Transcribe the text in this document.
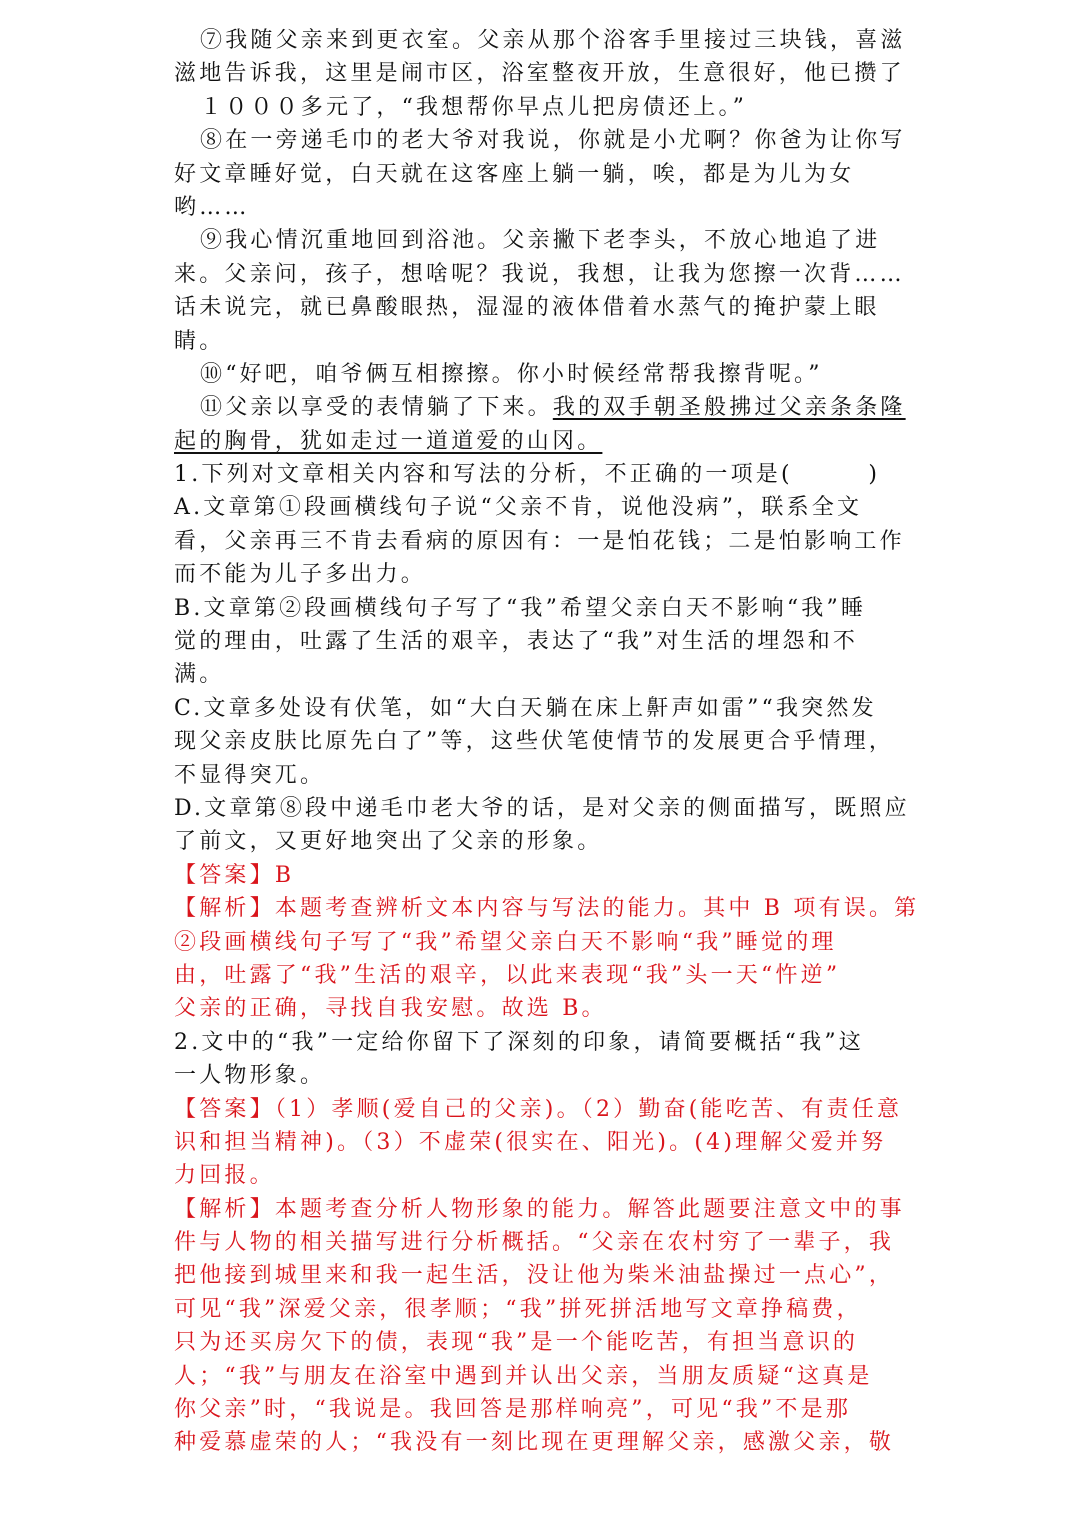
⑦我随父亲来到更衣室。父亲从那个浴客手里接过三块钱，喜滋
滋地告诉我，这里是闹市区，浴室整夜开放，生意很好，他已攒了
１０００多元了，“我想帮你早点儿把房债还上。”
⑧在一旁递毛巾的老大爷对我说，你就是小尤啊？你爸为让你写
好文章睡好觉，白天就在这客座上躺一躺，唉，都是为儿为女
哟……
⑨我心情沉重地回到浴池。父亲撇下老李头，不放心地追了进
来。父亲问，孩子，想啥呢？我说，我想，让我为您擦一次背……
话未说完，就已鼻酸眼热，湿湿的液体借着水蒸气的掩护蒙上眼
睛。
⑩“好吧，咱爷俩互相擦擦。你小时候经常帮我擦背呢。”
⑪父亲以享受的表情躺了下来。我的双手朝圣般拂过父亲条条隆
起的胸骨，犹如走过一道道爱的山冈。
1.下列对文章相关内容和写法的分析，不正确的一项是(　　　)
A.文章第①段画横线句子说“父亲不肯，说他没病”，联系全文
看，父亲再三不肯去看病的原因有：一是怕花钱；二是怕影响工作
而不能为儿子多出力。
B.文章第②段画横线句子写了“我”希望父亲白天不影响“我”睡
觉的理由，吐露了生活的艰辛，表达了“我”对生活的埋怨和不
满。
C.文章多处设有伏笔，如“大白天躺在床上鼾声如雷”“我突然发
现父亲皮肤比原先白了”等，这些伏笔使情节的发展更合乎情理，
不显得突兀。
D.文章第⑧段中递毛巾老大爷的话，是对父亲的侧面描写，既照应
了前文，又更好地突出了父亲的形象。
【答案】B
【解析】本题考查辨析文本内容与写法的能力。其中 B 项有误。第
②段画横线句子写了“我”希望父亲白天不影响“我”睡觉的理
由，吐露了“我”生活的艰辛，以此来表现“我”头一天“忤逆”
父亲的正确，寻找自我安慰。故选 B。
2.文中的“我”一定给你留下了深刻的印象，请简要概括“我”这
一人物形象。
【答案】（1）孝顺(爱自己的父亲)。（2）勤奋(能吃苦、有责任意
识和担当精神)。（3）不虚荣(很实在、阳光)。(4)理解父爱并努
力回报。
【解析】本题考查分析人物形象的能力。解答此题要注意文中的事
件与人物的相关描写进行分析概括。“父亲在农村穷了一辈子，我
把他接到城里来和我一起生活，没让他为柴米油盐操过一点心”，
可见“我”深爱父亲，很孝顺；“我”拼死拼活地写文章挣稿费，
只为还买房欠下的债，表现“我”是一个能吃苦，有担当意识的
人；“我”与朋友在浴室中遇到并认出父亲，当朋友质疑“这真是
你父亲”时，“我说是。我回答是那样响亮”，可见“我”不是那
种爱慕虚荣的人；“我没有一刻比现在更理解父亲，感激父亲，敬
